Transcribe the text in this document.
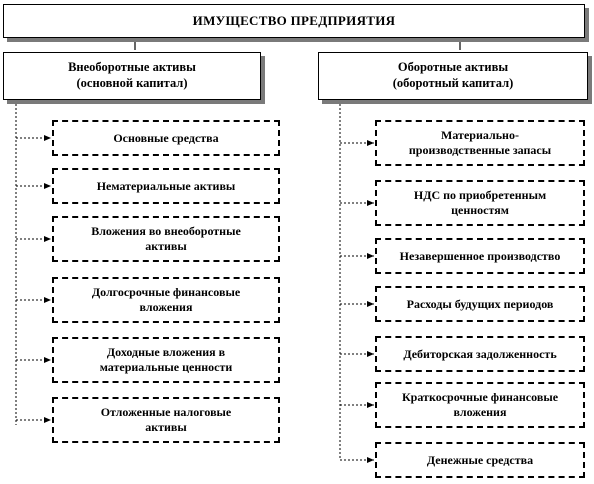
ИМУЩЕСТВО ПРЕДПРИЯТИЯ
Внеоборотные активы
(основной капитал)
Оборотные активы
(оборотный капитал)
Основные средства
Нематериальные активы
Вложения во внеоборотные
активы
Долгосрочные финансовые
вложения
Доходные вложения в
материальные ценности
Отложенные налоговые
активы
Материально-
производственные запасы
НДС по приобретенным
ценностям
Незавершенное производство
Расходы будущих периодов
Дебиторская задолженность
Краткосрочные финансовые
вложения
Денежные средства
